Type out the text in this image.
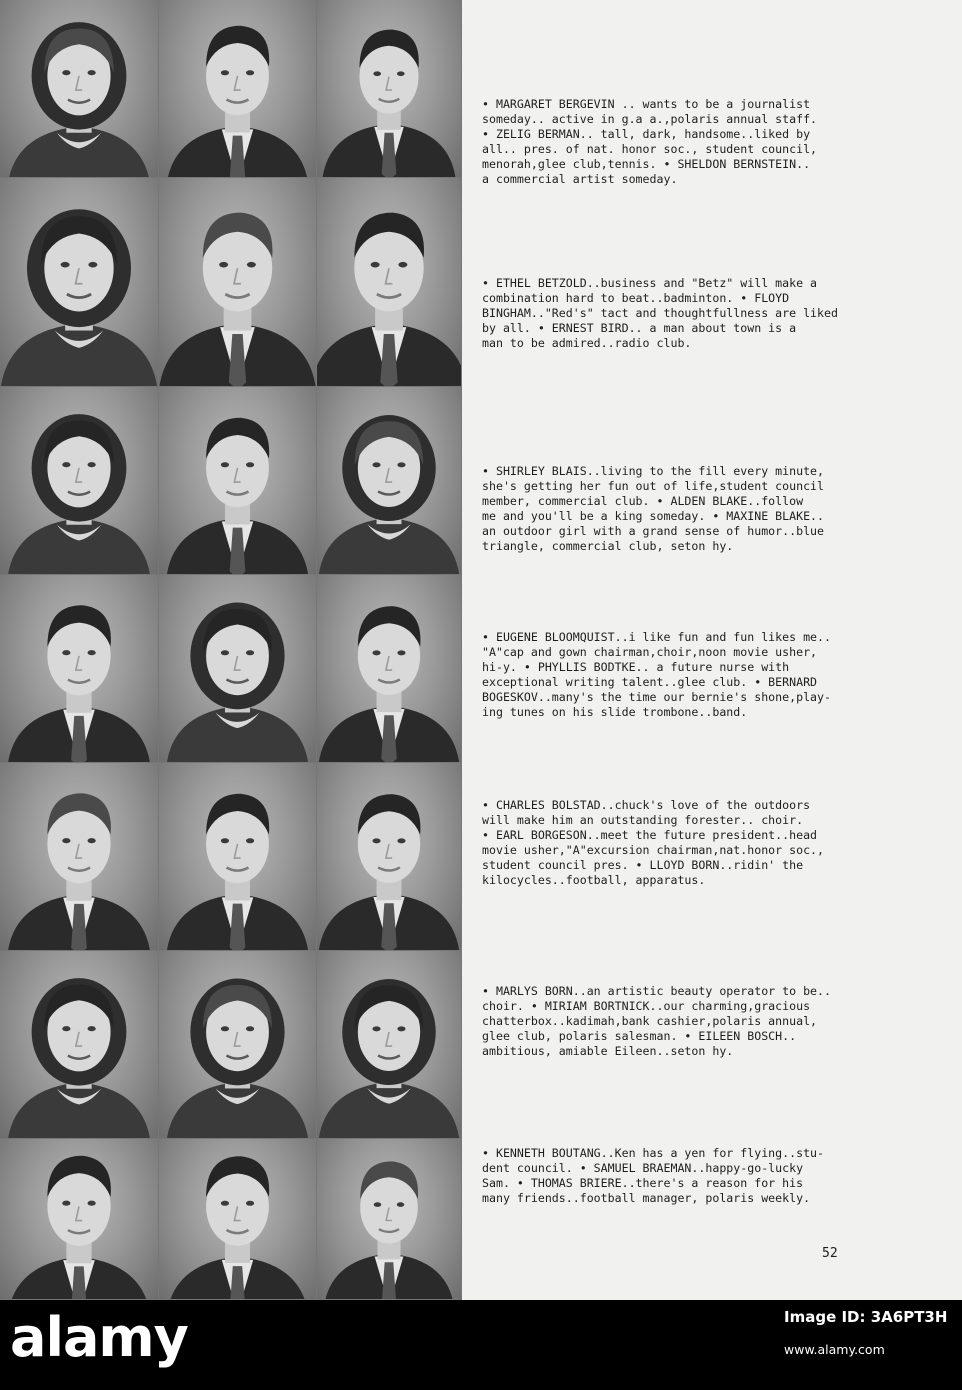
• MARGARET BERGEVIN .. wants to be a journalist
someday.. active in g.a a.,polaris annual staff.
• ZELIG BERMAN.. tall, dark, handsome..liked by
all.. pres. of nat. honor soc., student council,
menorah,glee club,tennis. • SHELDON BERNSTEIN..
a commercial artist someday.
• ETHEL BETZOLD..business and "Betz" will make a
combination hard to beat..badminton. • FLOYD
BINGHAM.."Red's" tact and thoughtfullness are liked
by all. • ERNEST BIRD.. a man about town is a
man to be admired..radio club.
• SHIRLEY BLAIS..living to the fill every minute,
she's getting her fun out of life,student council
member, commercial club. • ALDEN BLAKE..follow
me and you'll be a king someday. • MAXINE BLAKE..
an outdoor girl with a grand sense of humor..blue
triangle, commercial club, seton hy.
• EUGENE BLOOMQUIST..i like fun and fun likes me..
"A"cap and gown chairman,choir,noon movie usher,
hi-y. • PHYLLIS BODTKE.. a future nurse with
exceptional writing talent..glee club. • BERNARD
BOGESKOV..many's the time our bernie's shone,play-
ing tunes on his slide trombone..band.
• CHARLES BOLSTAD..chuck's love of the outdoors
will make him an outstanding forester.. choir.
• EARL BORGESON..meet the future president..head
movie usher,"A"excursion chairman,nat.honor soc.,
student council pres. • LLOYD BORN..ridin' the
kilocycles..football, apparatus.
• MARLYS BORN..an artistic beauty operator to be..
choir. • MIRIAM BORTNICK..our charming,gracious
chatterbox..kadimah,bank cashier,polaris annual,
glee club, polaris salesman. • EILEEN BOSCH..
ambitious, amiable Eileen..seton hy.
• KENNETH BOUTANG..Ken has a yen for flying..stu-
dent council. • SAMUEL BRAEMAN..happy-go-lucky
Sam. • THOMAS BRIERE..there's a reason for his
many friends..football manager, polaris weekly.
52
alamy	Image ID: 3A6PT3H
www.alamy.com
